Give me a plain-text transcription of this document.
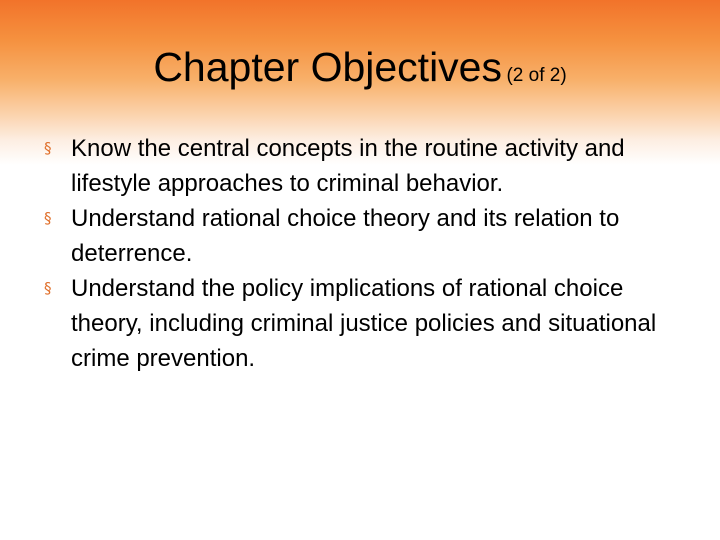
Chapter Objectives (2 of 2)
§ Know the central concepts in the routine activity and lifestyle approaches to criminal behavior.
§ Understand rational choice theory and its relation to deterrence.
§ Understand the policy implications of rational choice theory, including criminal justice policies and situational crime prevention.
